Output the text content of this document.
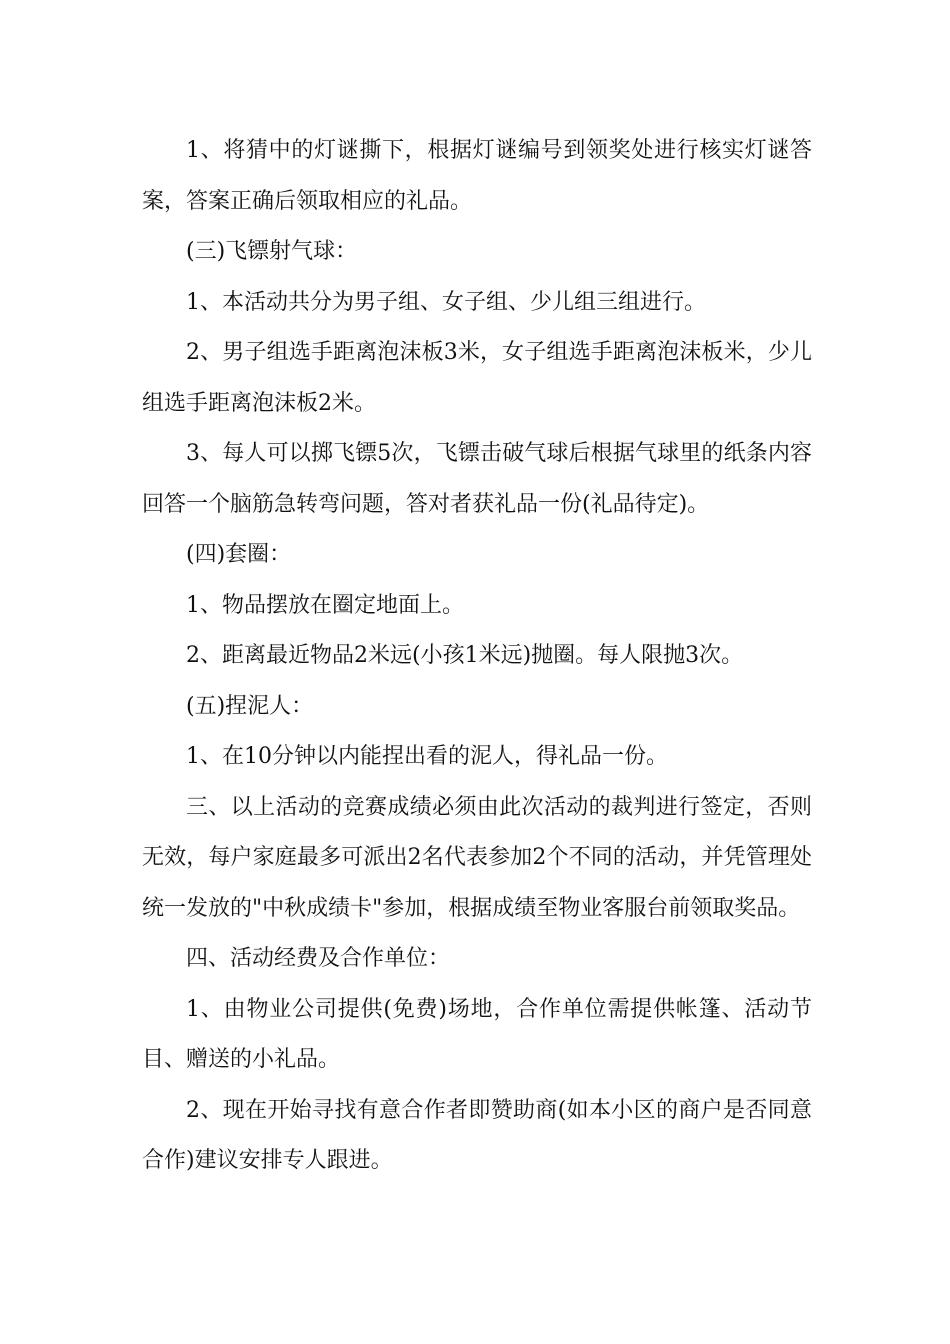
1、将猜中的灯谜撕下，根据灯谜编号到领奖处进行核实灯谜答案，答案正确后领取相应的礼品。

(三)飞镖射气球：

1、本活动共分为男子组、女子组、少儿组三组进行。

2、男子组选手距离泡沫板3米，女子组选手距离泡沫板米，少儿组选手距离泡沫板2米。

3、每人可以掷飞镖5次，飞镖击破气球后根据气球里的纸条内容回答一个脑筋急转弯问题，答对者获礼品一份(礼品待定)。

(四)套圈：

1、物品摆放在圈定地面上。

2、距离最近物品2米远(小孩1米远)抛圈。每人限抛3次。

(五)捏泥人：

1、在10分钟以内能捏出看的泥人，得礼品一份。

三、以上活动的竞赛成绩必须由此次活动的裁判进行签定，否则无效，每户家庭最多可派出2名代表参加2个不同的活动，并凭管理处统一发放的"中秋成绩卡"参加，根据成绩至物业客服台前领取奖品。

四、活动经费及合作单位：

1、由物业公司提供(免费)场地，合作单位需提供帐篷、活动节目、赠送的小礼品。

2、现在开始寻找有意合作者即赞助商(如本小区的商户是否同意合作)建议安排专人跟进。
